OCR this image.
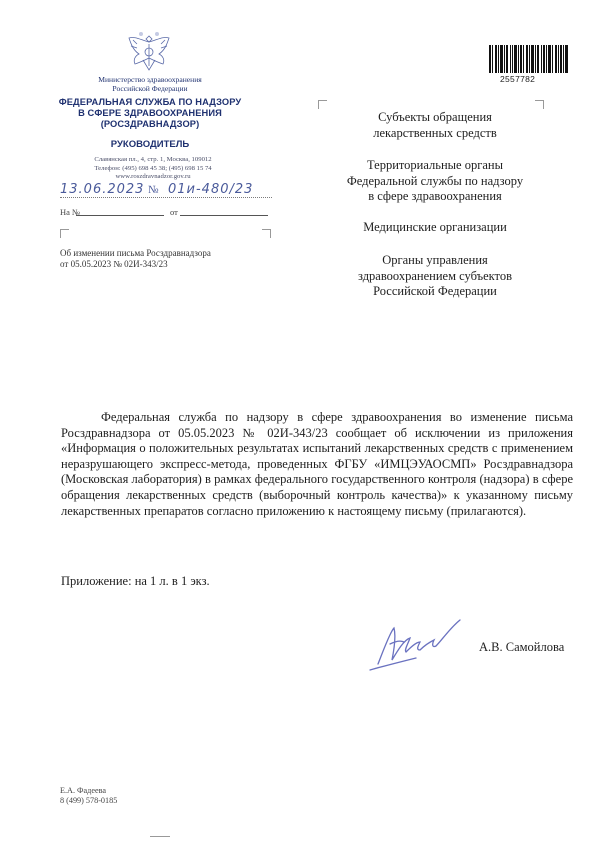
Министерство здравоохранения
Российской Федерации
ФЕДЕРАЛЬНАЯ СЛУЖБА ПО НАДЗОРУ
В СФЕРЕ ЗДРАВООХРАНЕНИЯ
(РОСЗДРАВНАДЗОР)
РУКОВОДИТЕЛЬ
Славянская пл., 4, стр. 1, Москва, 109012
Телефон: (495) 698 45 38; (495) 698 15 74
www.roszdravnadzor.gov.ru
13.06.2023 № 01и-480/23
На №	от
Об изменении письма Росздравнадзора
от 05.05.2023 № 02И-343/23
2557782
Субъекты обращения
лекарственных средств
Территориальные органы
Федеральной службы по надзору
в сфере здравоохранения
Медицинские организации
Органы управления
здравоохранением субъектов
Российской Федерации

Федеральная служба по надзору в сфере здравоохранения во изменение письма Росздравнадзора от 05.05.2023 № 02И-343/23 сообщает об исключении из приложения «Информация о положительных результатах испытаний лекарственных средств с применением неразрушающего экспресс-метода, проведенных ФГБУ «ИМЦЭУАОСМП» Росздравнадзора (Московская лаборатория) в рамках федерального государственного контроля (надзора) в сфере обращения лекарственных средств (выборочный контроль качества)» к указанному письму лекарственных препаратов согласно приложению к настоящему письму (прилагаются).

Приложение: на 1 л. в 1 экз.
А.В. Самойлова
Е.А. Фадеева
8 (499) 578-0185
